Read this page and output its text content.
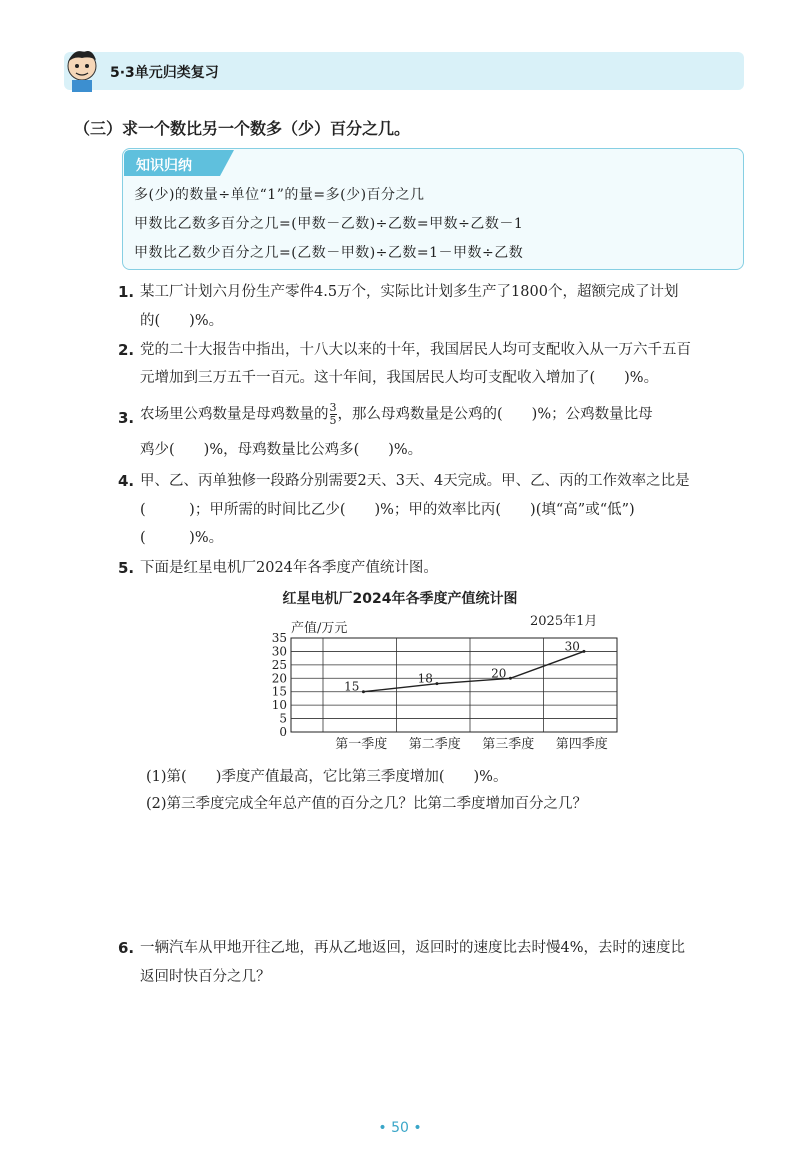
5·3单元归类复习
（三）求一个数比另一个数多（少）百分之几。
知识归纳
多(少)的数量÷单位“1”的量=多(少)百分之几
甲数比乙数多百分之几=(甲数－乙数)÷乙数=甲数÷乙数－1
甲数比乙数少百分之几=(乙数－甲数)÷乙数=1－甲数÷乙数
1. 某工厂计划六月份生产零件4.5万个，实际比计划多生产了1800个，超额完成了计划
的(　　)%。
2. 党的二十大报告中指出，十八大以来的十年，我国居民人均可支配收入从一万六千五百
元增加到三万五千一百元。这十年间，我国居民人均可支配收入增加了(　　)%。
3. 农场里公鸡数量是母鸡数量的 $\frac{3}{5}$ ，那么母鸡数量是公鸡的(　　)%；公鸡数量比母
鸡少(　　)%，母鸡数量比公鸡多(　　)%。
4. 甲、乙、丙单独修一段路分别需要2天、3天、4天完成。甲、乙、丙的工作效率之比是
(　　　)；甲所需的时间比乙少(　　)%；甲的效率比丙(　　)(填“高”或“低”)
(　　　)%。
5. 下面是红星电机厂2024年各季度产值统计图。
红星电机厂2024年各季度产值统计图
产值/万元	2025年1月
0
5
10
15
20
25
30
35
第一季度 第二季度 第三季度 第四季度
15
18	20
30
(1)第(　　)季度产值最高，它比第三季度增加(　　)%。
(2)第三季度完成全年总产值的百分之几？比第二季度增加百分之几？
6. 一辆汽车从甲地开往乙地，再从乙地返回，返回时的速度比去时慢4%，去时的速度比
返回时快百分之几？
• 50 •
